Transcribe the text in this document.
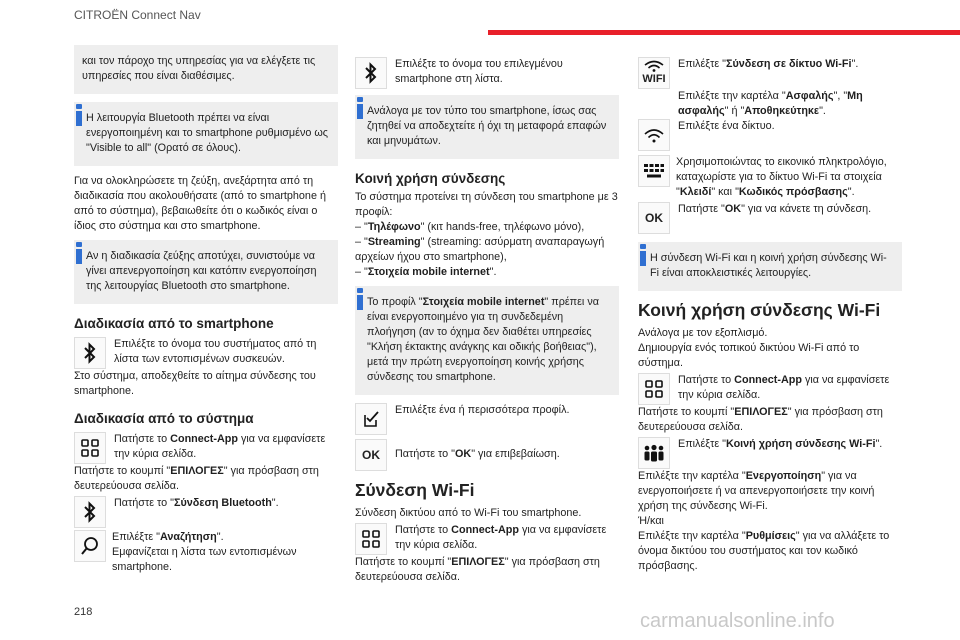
CITROËN Connect Nav
και τον πάροχο της υπηρεσίας για να ελέγξετε τις υπηρεσίες που είναι διαθέσιμες.
Η λειτουργία Bluetooth πρέπει να είναι ενεργοποιημένη και το smartphone ρυθμισμένο ως "Visible to all" (Ορατό σε όλους).
Για να ολοκληρώσετε τη ζεύξη, ανεξάρτητα από τη διαδικασία που ακολουθήσατε (από το smartphone ή από το σύστημα), βεβαιωθείτε ότι ο κωδικός είναι ο ίδιος στο σύστημα και στο smartphone.
Αν η διαδικασία ζεύξης αποτύχει, συνιστούμε να γίνει απενεργοποίηση και κατόπιν ενεργοποίηση της λειτουργίας Bluetooth στο smartphone.
Διαδικασία από το smartphone
Επιλέξτε το όνομα του συστήματος από τη λίστα των εντοπισμένων συσκευών.
Στο σύστημα, αποδεχθείτε το αίτημα σύνδεσης του smartphone.
Διαδικασία από το σύστημα
Πατήστε το Connect-App για να εμφανίσετε την κύρια σελίδα.
Πατήστε το κουμπί "ΕΠΙΛΟΓΕΣ" για πρόσβαση στη δευτερεύουσα σελίδα.
Πατήστε το "Σύνδεση Bluetooth".
Επιλέξτε "Αναζήτηση".
Εμφανίζεται η λίστα των εντοπισμένων smartphone.
Επιλέξτε το όνομα του επιλεγμένου smartphone στη λίστα.
Ανάλογα με τον τύπο του smartphone, ίσως σας ζητηθεί να αποδεχτείτε ή όχι τη μεταφορά επαφών και μηνυμάτων.
Κοινή χρήση σύνδεσης
Το σύστημα προτείνει τη σύνδεση του smartphone με 3 προφίλ:
– "Τηλέφωνο" (κιτ hands-free, τηλέφωνο μόνο),
– "Streaming" (streaming: ασύρματη αναπαραγωγή αρχείων ήχου στο smartphone),
– "Στοιχεία mobile internet".
Το προφίλ "Στοιχεία mobile internet" πρέπει να είναι ενεργοποιημένο για τη συνδεδεμένη πλοήγηση (αν το όχημα δεν διαθέτει υπηρεσίες "Κλήση έκτακτης ανάγκης και οδικής βοήθειας"), μετά την πρώτη ενεργοποίηση κοινής χρήσης σύνδεσης του smartphone.
Επιλέξτε ένα ή περισσότερα προφίλ.
OK Πατήστε το "OK" για επιβεβαίωση.
Σύνδεση Wi-Fi
Σύνδεση δικτύου από το Wi-Fi του smartphone.
Πατήστε το Connect-App για να εμφανίσετε την κύρια σελίδα.
Πατήστε το κουμπί "ΕΠΙΛΟΓΕΣ" για πρόσβαση στη δευτερεύουσα σελίδα.
WIFI
Επιλέξτε "Σύνδεση σε δίκτυο Wi-Fi".
Επιλέξτε την καρτέλα "Ασφαλής", "Μη ασφαλής" ή "Αποθηκεύτηκε".
Επιλέξτε ένα δίκτυο.
Χρησιμοποιώντας το εικονικό πληκτρολόγιο, καταχωρίστε για το δίκτυο Wi-Fi τα στοιχεία "Κλειδί" και "Κωδικός πρόσβασης".
OK
Πατήστε "OK" για να κάνετε τη σύνδεση.
Η σύνδεση Wi-Fi και η κοινή χρήση σύνδεσης Wi-Fi είναι αποκλειστικές λειτουργίες.
Κοινή χρήση σύνδεσης Wi-Fi
Ανάλογα με τον εξοπλισμό.
Δημιουργία ενός τοπικού δικτύου Wi-Fi από το σύστημα.
Πατήστε το Connect-App για να εμφανίσετε την κύρια σελίδα.
Πατήστε το κουμπί "ΕΠΙΛΟΓΕΣ" για πρόσβαση στη δευτερεύουσα σελίδα.
Επιλέξτε "Κοινή χρήση σύνδεσης Wi-Fi".
Επιλέξτε την καρτέλα "Ενεργοποίηση" για να ενεργοποιήσετε ή να απενεργοποιήσετε την κοινή χρήση της σύνδεσης Wi-Fi.
Ή/και
Επιλέξτε την καρτέλα "Ρυθμίσεις" για να αλλάξετε το όνομα δικτύου του συστήματος και τον κωδικό πρόσβασης.
218	carmanualsonline.info
